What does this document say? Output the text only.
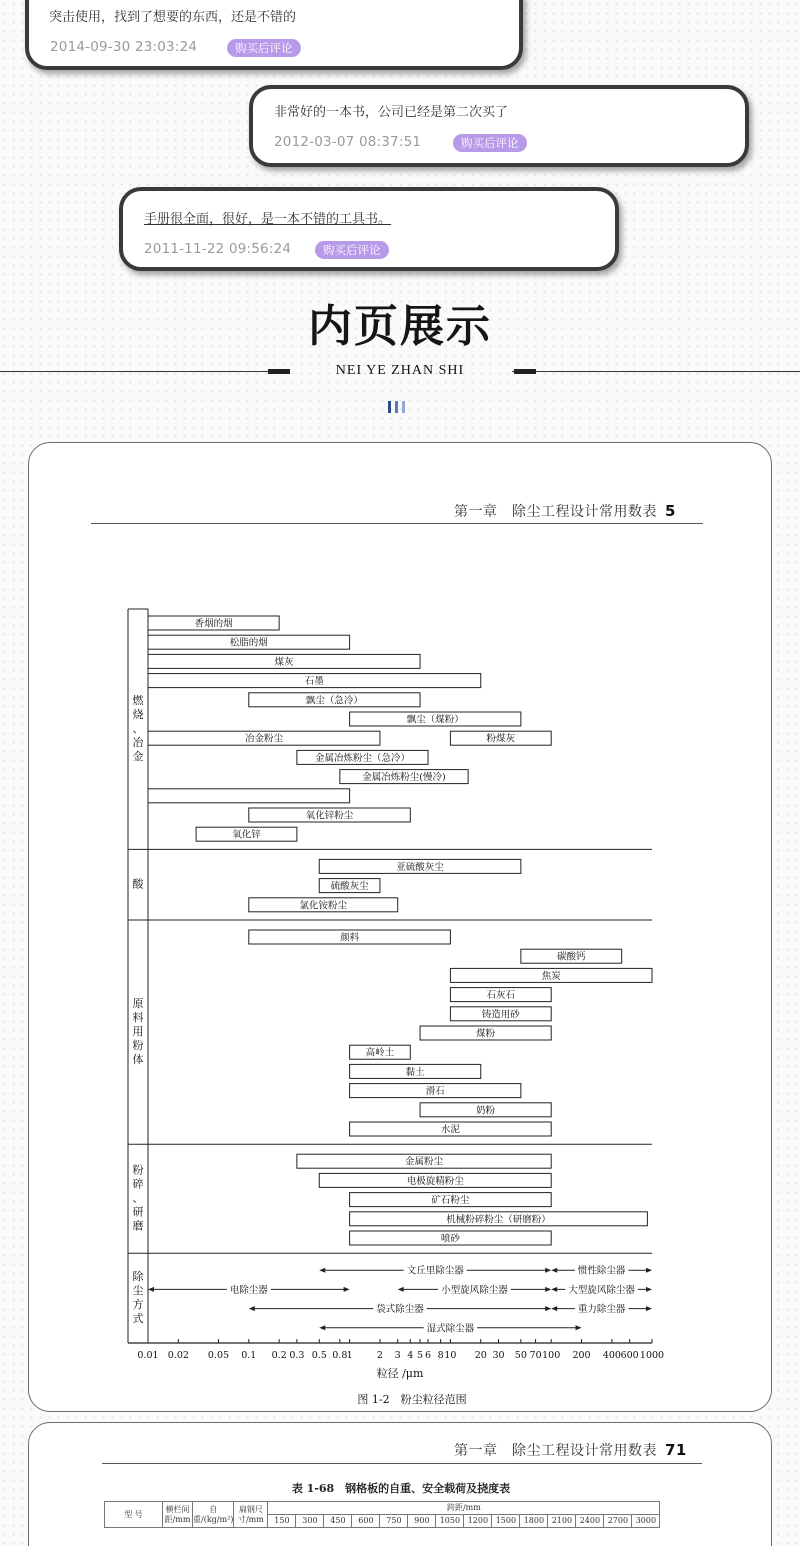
突击使用，找到了想要的东西，还是不错的
2014-09-30 23:03:24	购买后评论
非常好的一本书，公司已经是第二次买了
2012-03-07 08:37:51	购买后评论
手册很全面，很好，是一本不错的工具书。
2011-11-22 09:56:24	购买后评论
内页展示
NEI YE ZHAN SHI
第一章　除尘工程设计常用数表 5
香烟的烟
松脂的烟
煤灰
石墨
飘尘（急冷）
飘尘（煤粉）
冶金粉尘	粉煤灰
金属冶炼粉尘（急冷）
金属冶炼粉尘(慢冷)
氧化锌粉尘
氧化锌
亚硫酸灰尘
硫酸灰尘
氯化铵粉尘
颜料
碳酸钙
焦炭
石灰石
铸造用砂
煤粉
高岭土
黏土
滑石
奶粉
水泥
金属粉尘
电极旋精粉尘
矿石粉尘
机械粉碎粉尘（研磨粉）
喷砂
文丘里除尘器	惯性除尘器
电除尘器	小型旋风除尘器	大型旋风除尘器
袋式除尘器	重力除尘器
湿式除尘器
燃
烧
、
冶
金
酸
原
料
用
粉
体
粉
碎
、
研
磨
除
尘
方
式
0.01 0.02 0.05 0.1 0.2 0.3 0.5 0.8 1	2 3 4 5 6 8 10 20 30 50 70 100 200 400 600 1000
粒径 /μm
图 1-2　粉尘粒径范围
第一章　除尘工程设计常用数表 71
表 1-68　钢格板的自重、安全载荷及挠度表
型 号	横栏间距/mm	自重/(kg/m²)	扁钢尺寸/mm	跨距/mm													
				150	300	450	600	750	900	1050	1200	1500	1800	2100	2400	2700	3000
